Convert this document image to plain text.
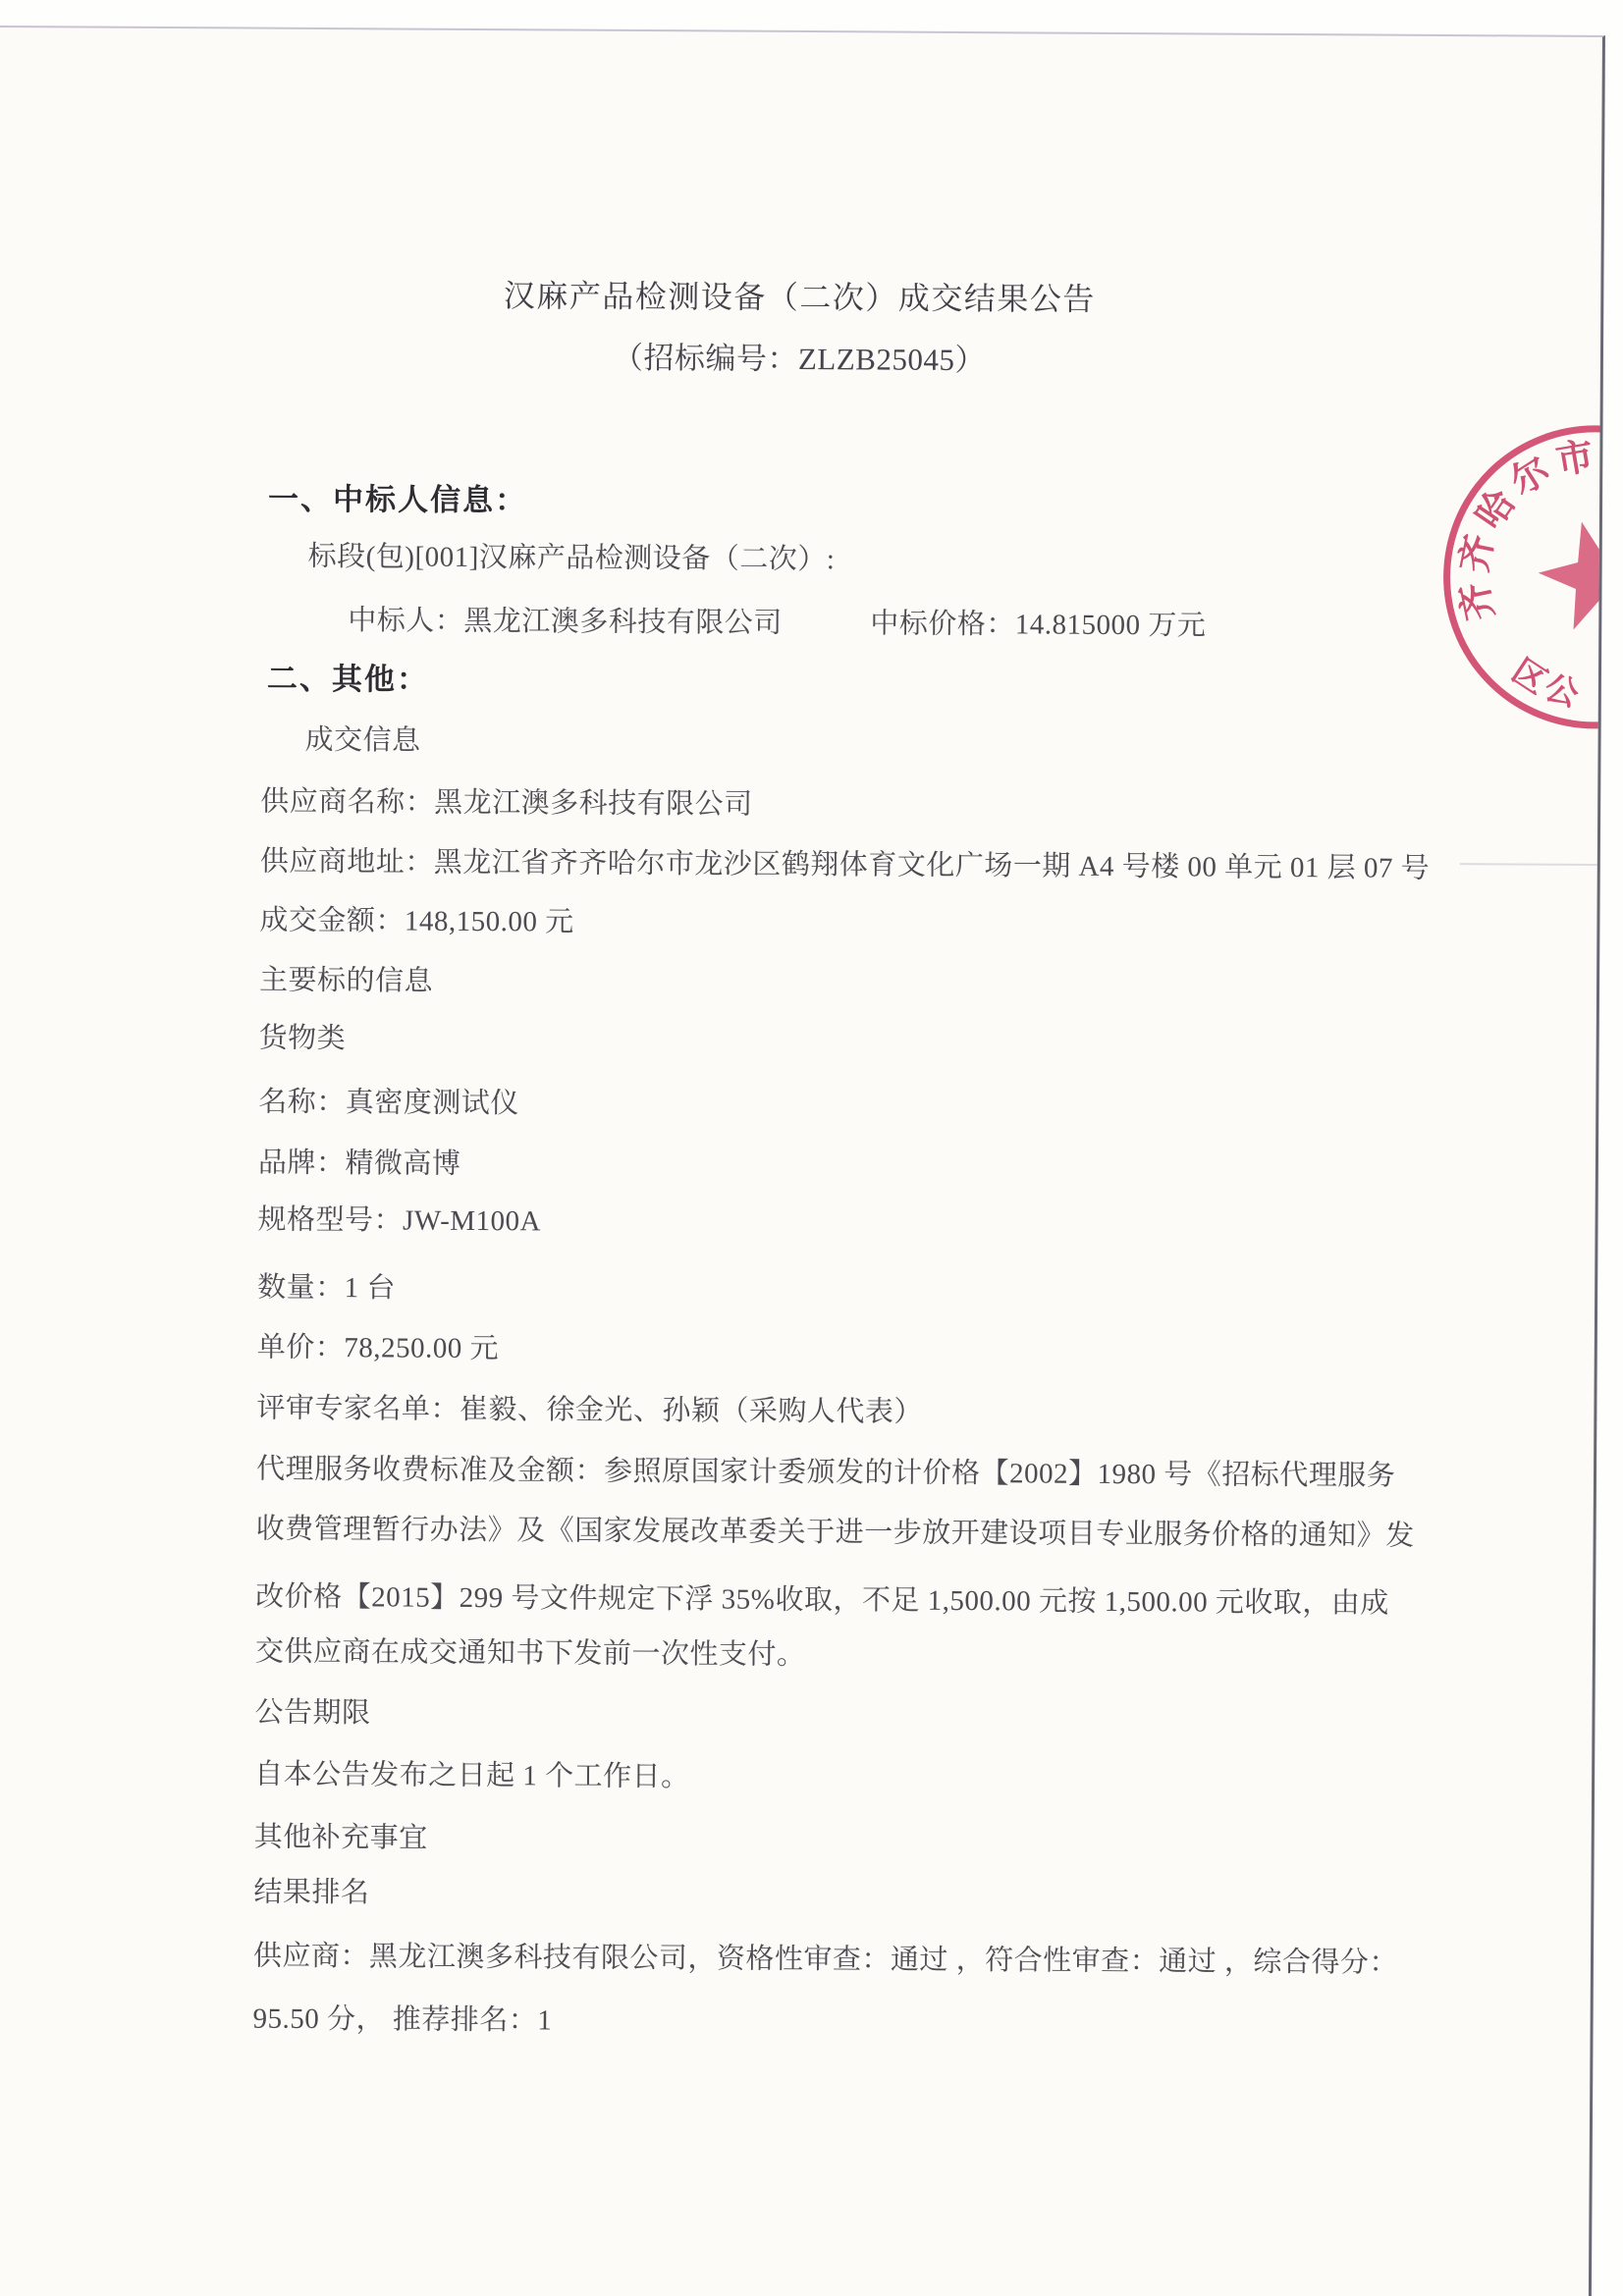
汉麻产品检测设备（二次）成交结果公告
（招标编号：ZLZB25045）
一、中标人信息：
标段(包)[001]汉麻产品检测设备（二次）:
中标人：黑龙江澳多科技有限公司	中标价格：14.815000 万元
二、其他：
成交信息
供应商名称：黑龙江澳多科技有限公司
供应商地址：黑龙江省齐齐哈尔市龙沙区鹤翔体育文化广场一期 A4 号楼 00 单元 01 层 07 号
成交金额：148,150.00 元
主要标的信息
货物类
名称：真密度测试仪
品牌：精微高博
规格型号：JW-M100A
数量：1 台
单价：78,250.00 元
评审专家名单：崔毅、徐金光、孙颖（采购人代表）
代理服务收费标准及金额：参照原国家计委颁发的计价格【2002】1980 号《招标代理服务
收费管理暂行办法》及《国家发展改革委关于进一步放开建设项目专业服务价格的通知》发
改价格【2015】299 号文件规定下浮 35%收取，不足 1,500.00 元按 1,500.00 元收取，由成
交供应商在成交通知书下发前一次性支付。
公告期限
自本公告发布之日起 1 个工作日。
其他补充事宜
结果排名
供应商：黑龙江澳多科技有限公司，资格性审查：通过 ，符合性审查：通过 ，综合得分：
95.50 分， 推荐排名：1
齐
齐
哈
尔
市
区
公
